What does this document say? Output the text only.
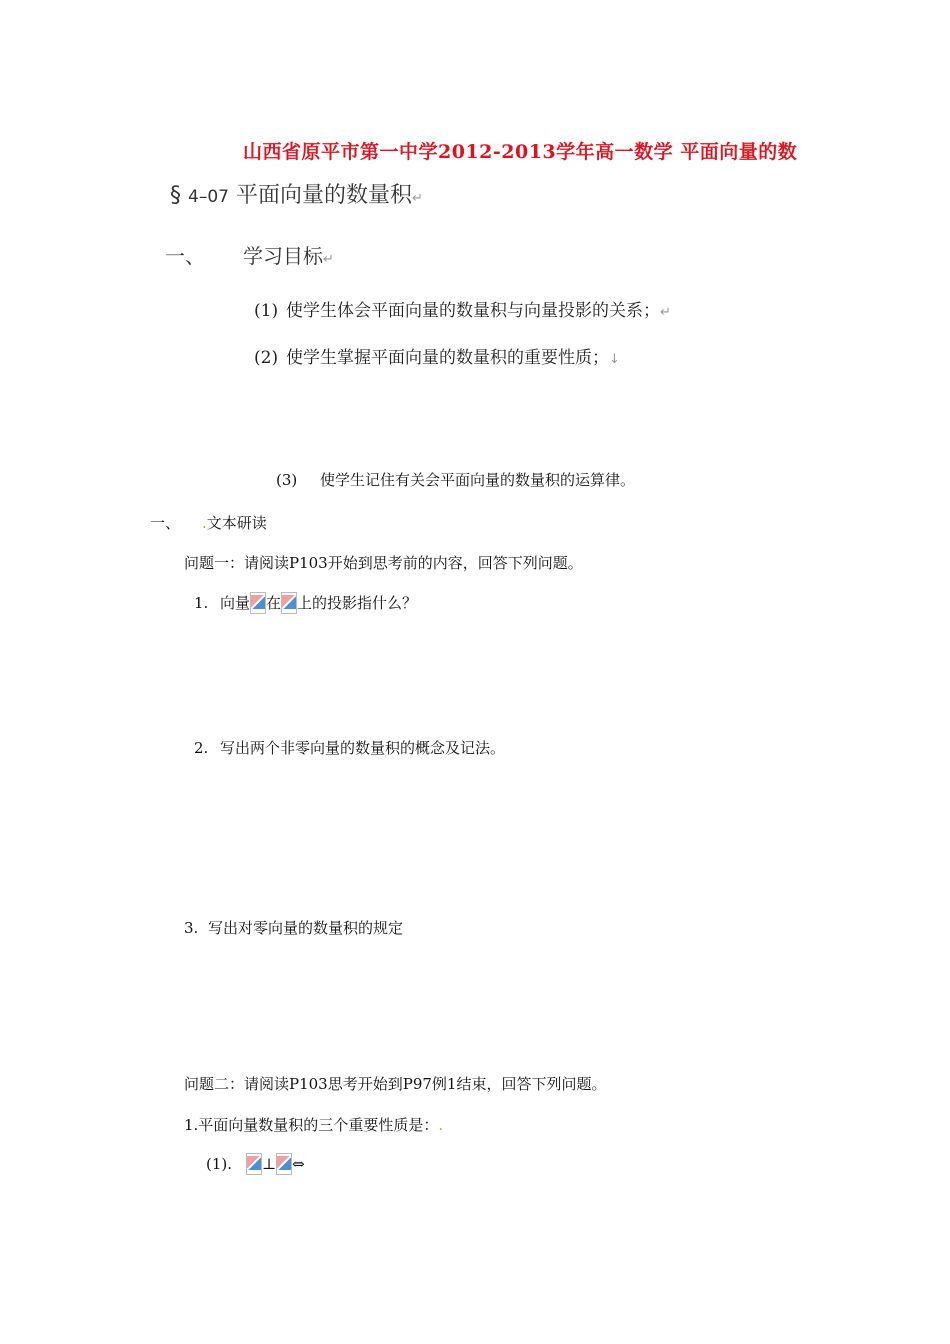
山西省原平市第一中学2012-2013学年高一数学 平面向量的数
§ 4–07 平面向量的数量积↵
一、 学习目标↵
(1) 使学生体会平面向量的数量积与向量投影的关系；↵
(2) 使学生掌握平面向量的数量积的重要性质；↓
(3) 使学生记住有关会平面向量的数量积的运算律。
一、 .文本研读
问题一：请阅读P103开始到思考前的内容，回答下列问题。
1. 向量 在 上的投影指什么？
2. 写出两个非零向量的数量积的概念及记法。
3. 写出对零向量的数量积的规定
问题二：请阅读P103思考开始到P97例1结束，回答下列问题。
1.平面向量数量积的三个重要性质是：.
(1). ⊥ ⇔
